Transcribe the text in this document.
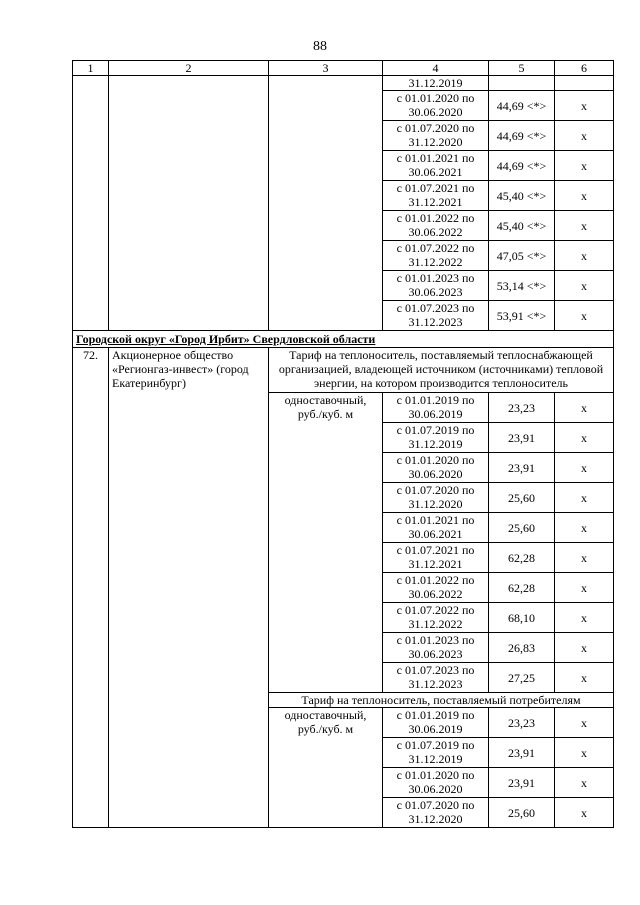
88
1	2	3	4	5	6
			31.12.2019		
			с 01.01.2020 по 30.06.2020	44,69 <*>	х
			с 01.07.2020 по 31.12.2020	44,69 <*>	х
			с 01.01.2021 по 30.06.2021	44,69 <*>	х
			с 01.07.2021 по 31.12.2021	45,40 <*>	х
			с 01.01.2022 по 30.06.2022	45,40 <*>	х
			с 01.07.2022 по 31.12.2022	47,05 <*>	х
			с 01.01.2023 по 30.06.2023	53,14 <*>	х
			с 01.07.2023 по 31.12.2023	53,91 <*>	х
Городской округ «Город Ирбит» Свердловской области					
72.	Акционерное общество «Регионгаз-инвест» (город Екатеринбург)	Тариф на теплоноситель, поставляемый теплоснабжающей организацией, владеющей источником (источниками) тепловой энергии, на котором производится теплоноситель			
		одноставочный, руб./куб. м	с 01.01.2019 по 30.06.2019	23,23	х
			с 01.07.2019 по 31.12.2019	23,91	х
			с 01.01.2020 по 30.06.2020	23,91	х
			с 01.07.2020 по 31.12.2020	25,60	х
			с 01.01.2021 по 30.06.2021	25,60	х
			с 01.07.2021 по 31.12.2021	62,28	х
			с 01.01.2022 по 30.06.2022	62,28	х
			с 01.07.2022 по 31.12.2022	68,10	х
			с 01.01.2023 по 30.06.2023	26,83	х
			с 01.07.2023 по 31.12.2023	27,25	х
		Тариф на теплоноситель, поставляемый потребителям			
		одноставочный, руб./куб. м	с 01.01.2019 по 30.06.2019	23,23	х
			с 01.07.2019 по 31.12.2019	23,91	х
			с 01.01.2020 по 30.06.2020	23,91	х
			с 01.07.2020 по 31.12.2020	25,60	х
